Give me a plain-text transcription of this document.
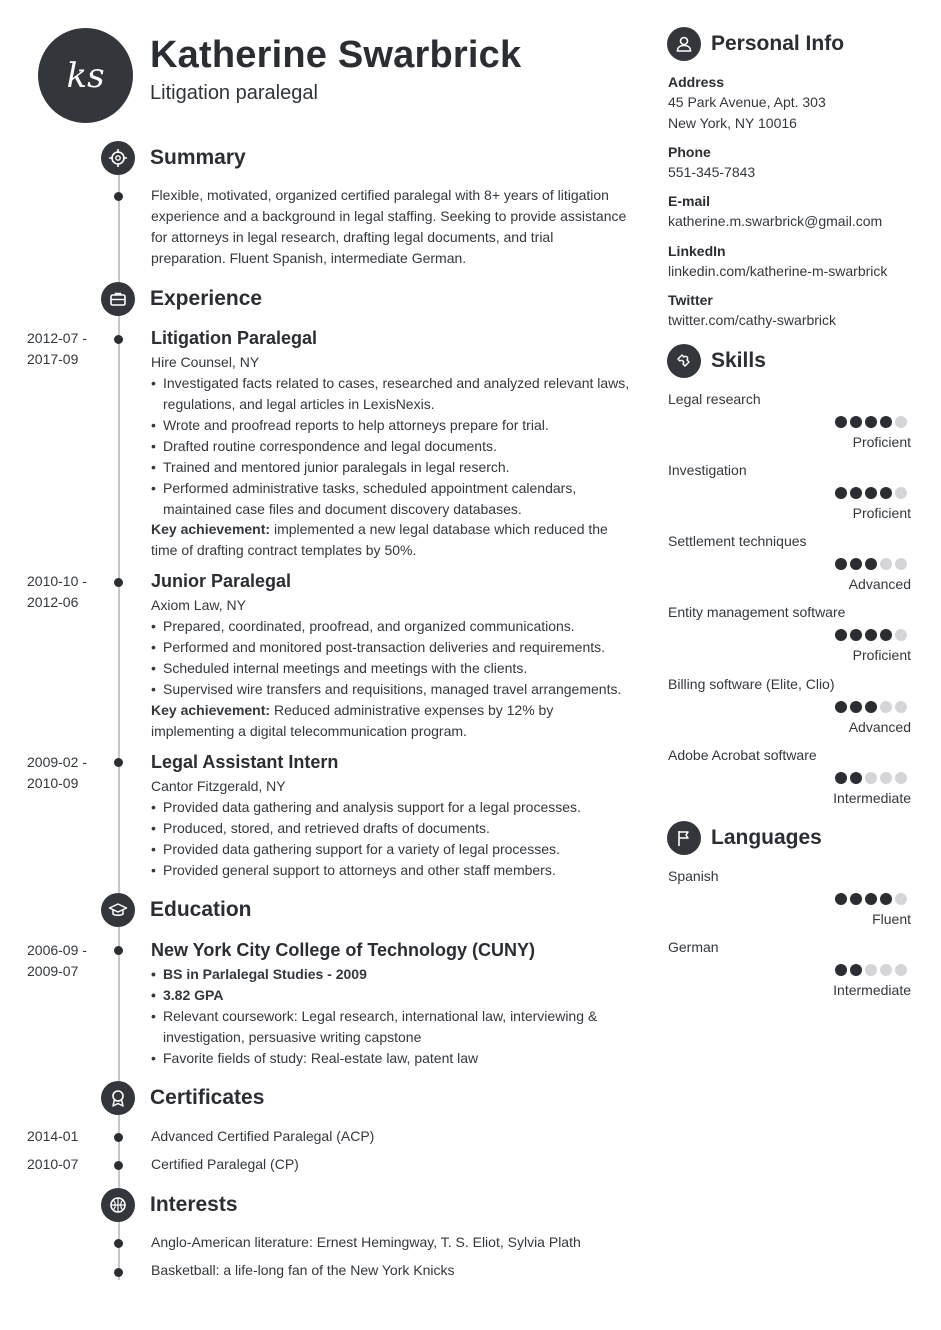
ks Katherine Swarbrick
Litigation paralegal
Summary
Flexible, motivated, organized certified paralegal with 8+ years of litigation experience and a background in legal staffing. Seeking to provide assistance for attorneys in legal research, drafting legal documents, and trial preparation. Fluent Spanish, intermediate German.
Experience
2012-07 -
2017-09
Litigation Paralegal
Hire Counsel, NY
• Investigated facts related to cases, researched and analyzed relevant laws, regulations, and legal articles in LexisNexis.
• Wrote and proofread reports to help attorneys prepare for trial.
• Drafted routine correspondence and legal documents.
• Trained and mentored junior paralegals in legal reserch.
• Performed administrative tasks, scheduled appointment calendars, maintained case files and document discovery databases.
Key achievement: implemented a new legal database which reduced the time of drafting contract templates by 50%.
2010-10 -
2012-06
Junior Paralegal
Axiom Law, NY
• Prepared, coordinated, proofread, and organized communications.
• Performed and monitored post-transaction deliveries and requirements.
• Scheduled internal meetings and meetings with the clients.
• Supervised wire transfers and requisitions, managed travel arrangements.
Key achievement: Reduced administrative expenses by 12% by implementing a digital telecommunication program.
2009-02 -
2010-09
Legal Assistant Intern
Cantor Fitzgerald, NY
• Provided data gathering and analysis support for a legal processes.
• Produced, stored, and retrieved drafts of documents.
• Provided data gathering support for a variety of legal processes.
• Provided general support to attorneys and other staff members.
Education
2006-09 -
2009-07
New York City College of Technology (CUNY)
• BS in Parlalegal Studies - 2009
• 3.82 GPA
• Relevant coursework: Legal research, international law, interviewing & investigation, persuasive writing capstone
• Favorite fields of study: Real-estate law, patent law
Certificates
2014-01	Advanced Certified Paralegal (ACP)
2010-07	Certified Paralegal (CP)
Interests
Anglo-American literature: Ernest Hemingway, T. S. Eliot, Sylvia Plath
Basketball: a life-long fan of the New York Knicks
Personal Info
Address
45 Park Avenue, Apt. 303
New York, NY 10016
Phone
551-345-7843
E-mail
katherine.m.swarbrick@gmail.com
LinkedIn
linkedin.com/katherine-m-swarbrick
Twitter
twitter.com/cathy-swarbrick
Skills
Legal research
Proficient
Investigation
Proficient
Settlement techniques
Advanced
Entity management software
Proficient
Billing software (Elite, Clio)
Advanced
Adobe Acrobat software
Intermediate
Languages
Spanish
Fluent
German
Intermediate
